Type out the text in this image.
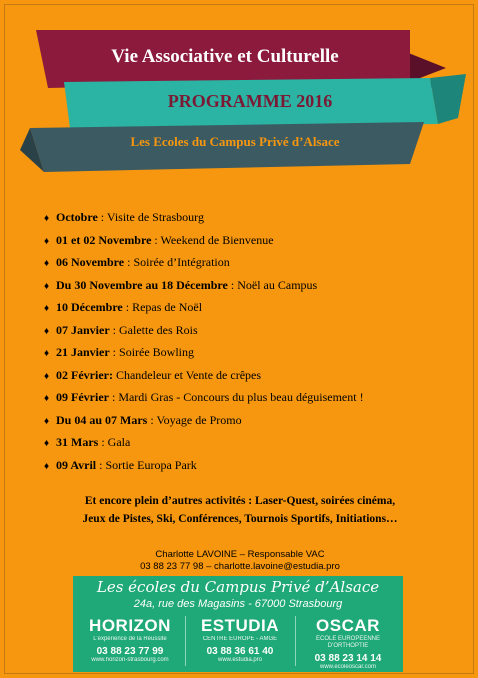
Vie Associative et Culturelle
PROGRAMME 2016
Les Ecoles du Campus Privé d’Alsace
♦ Octobre : Visite de Strasbourg
♦ 01 et 02 Novembre : Weekend de Bienvenue
♦ 06 Novembre : Soirée d’Intégration
♦ Du 30 Novembre au 18 Décembre : Noël au Campus
♦ 10 Décembre : Repas de Noël
♦ 07 Janvier : Galette des Rois
♦ 21 Janvier : Soirée Bowling
♦ 02 Février: Chandeleur et Vente de crêpes
♦ 09 Février : Mardi Gras - Concours du plus beau déguisement !
♦ Du 04 au 07 Mars : Voyage de Promo
♦ 31 Mars : Gala
♦ 09 Avril : Sortie Europa Park
Et encore plein d’autres activités : Laser-Quest, soirées cinéma,
Jeux de Pistes, Ski, Conférences, Tournois Sportifs, Initiations…
Charlotte LAVOINE – Responsable VAC
03 88 23 77 98 – charlotte.lavoine@estudia.pro
Les écoles du Campus Privé d’Alsace
24a, rue des Magasins - 67000 Strasbourg
HORIZON
L’expérience de la Réussite
03 88 23 77 99
www.horizon-strasbourg.com
ESTUDIA
CENTRE EUROPE - AMGE
03 88 36 61 40
www.estudia.pro
OSCAR
ÉCOLE EUROPÉENNE D’ORTHOPTIE
03 88 23 14 14
www.ecoleoscar.com
